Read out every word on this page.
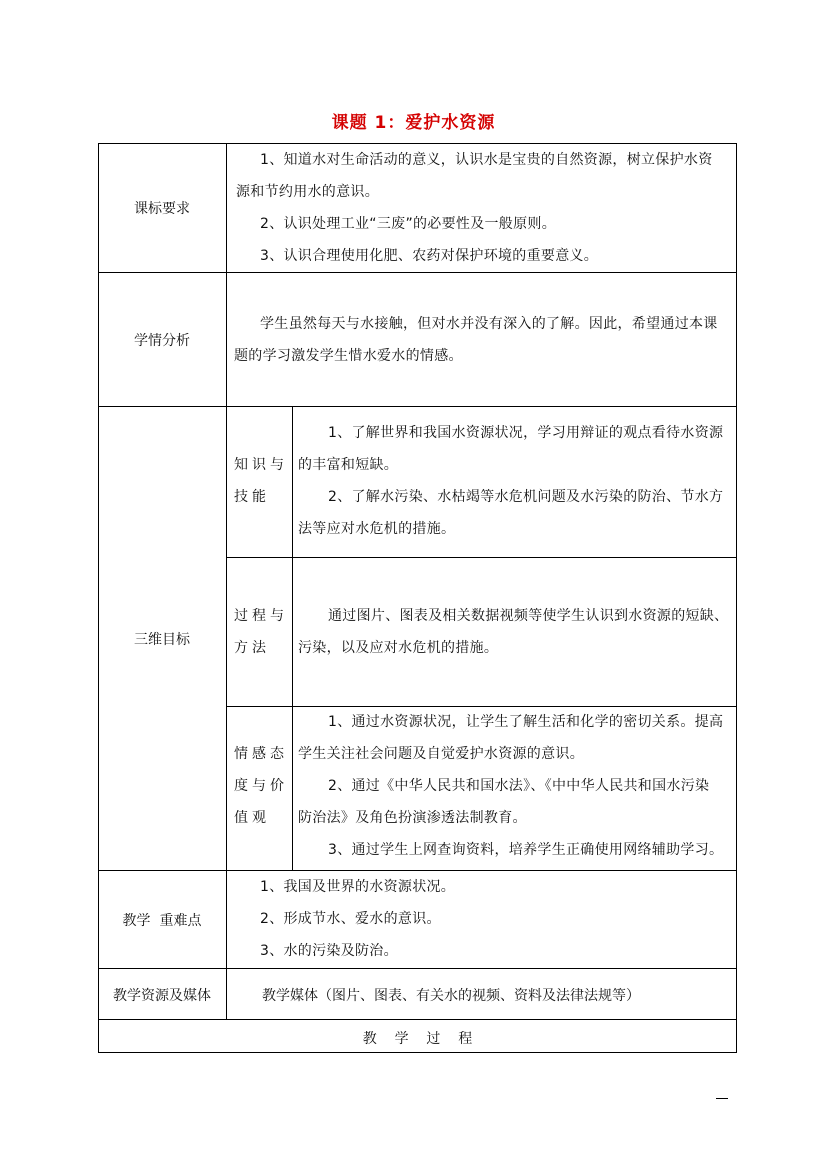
课题 1：爱护水资源
课标要求
1、知道水对生命活动的意义，认识水是宝贵的自然资源，树立保护水资
源和节约用水的意识。
2、认识处理工业“三废”的必要性及一般原则。
3、认识合理使用化肥、农药对保护环境的重要意义。
学情分析
学生虽然每天与水接触，但对水并没有深入的了解。因此，希望通过本课
题的学习激发学生惜水爱水的情感。
三维目标
知识与
技能
1、了解世界和我国水资源状况，学习用辩证的观点看待水资源
的丰富和短缺。
2、了解水污染、水枯竭等水危机问题及水污染的防治、节水方
法等应对水危机的措施。
过程与
方法
通过图片、图表及相关数据视频等使学生认识到水资源的短缺、
污染，以及应对水危机的措施。
情感态
度与价
值观
1、通过水资源状况，让学生了解生活和化学的密切关系。提高
学生关注社会问题及自觉爱护水资源的意识。
2、通过《中华人民共和国水法》、《中中华人民共和国水污染
防治法》及角色扮演渗透法制教育。
3、通过学生上网查询资料，培养学生正确使用网络辅助学习。
教学  重难点
1、我国及世界的水资源状况。
2、形成节水、爱水的意识。
3、水的污染及防治。
教学资源及媒体	教学媒体（图片、图表、有关水的视频、资料及法律法规等）
教    学    过    程
